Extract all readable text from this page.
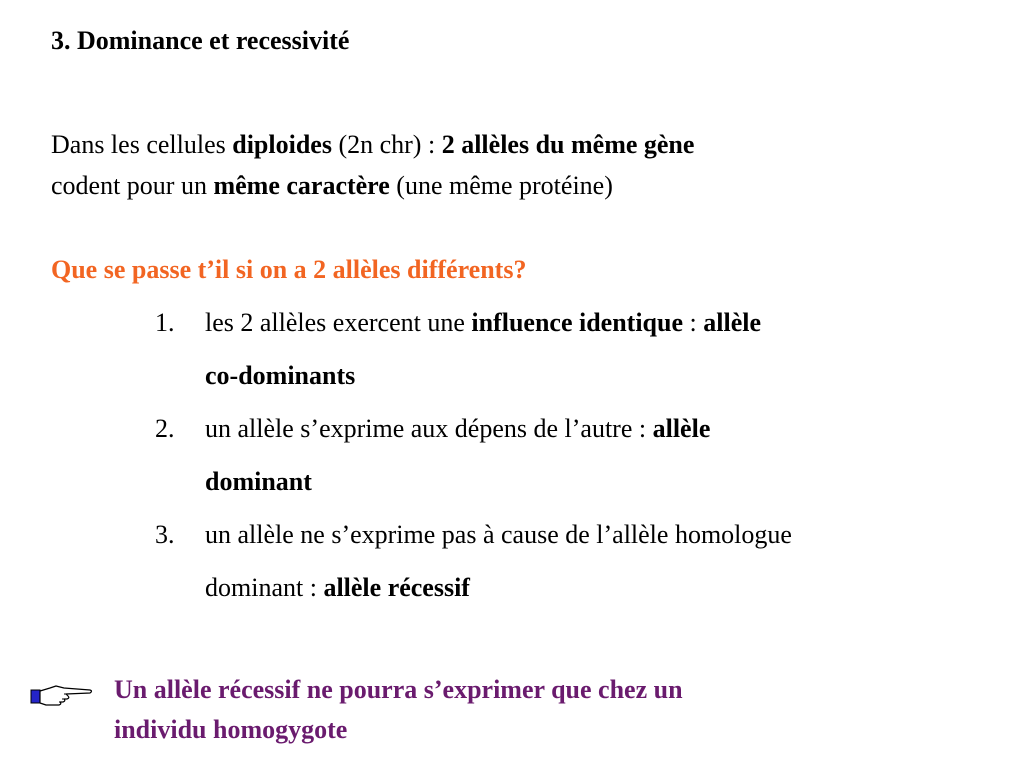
3. Dominance et recessivité
Dans les cellules diploides (2n chr) : 2 allèles du même gène
codent pour un même caractère (une même protéine)
Que se passe t’il si on a 2 allèles différents?
1. les 2 allèles exercent une influence identique : allèle
co-dominants
2. un allèle s’exprime aux dépens de l’autre : allèle
dominant
3. un allèle ne s’exprime pas à cause de l’allèle homologue
dominant : allèle récessif
Un allèle récessif ne pourra s’exprimer que chez un
individu homogygote
